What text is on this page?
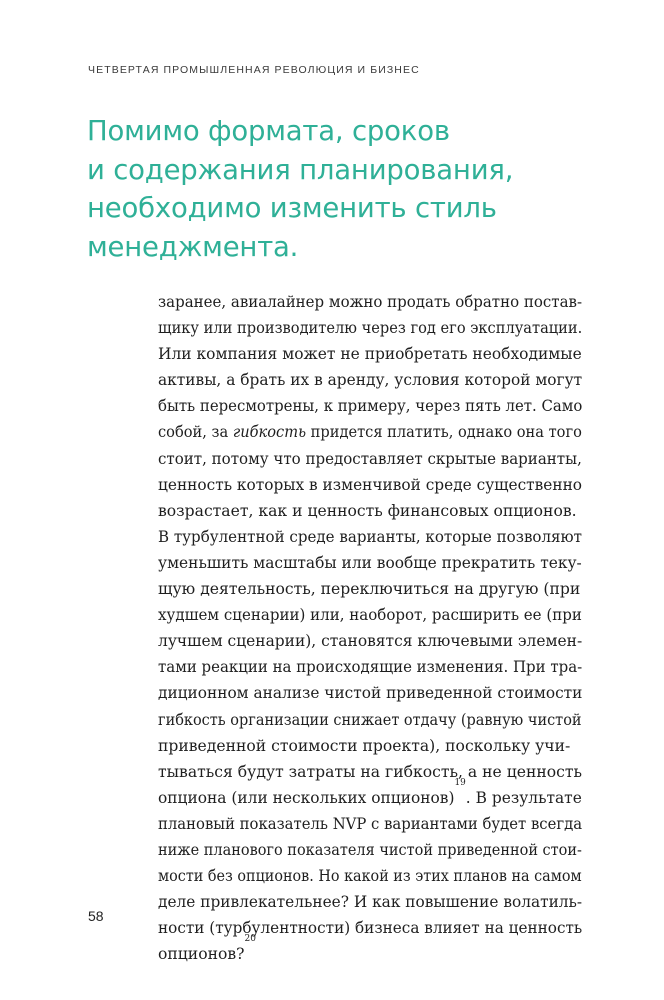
ЧЕТВЕРТАЯ ПРОМЫШЛЕННАЯ РЕВОЛЮЦИЯ И БИЗНЕС
Помимо формата, сроков
и содержания планирования,
необходимо изменить стиль
менеджмента.
заранее, авиалайнер можно продать обратно постав-
щику или производителю через год его эксплуатации.
Или компания может не приобретать необходимые
активы, а брать их в аренду, условия которой могут
быть пересмотрены, к примеру, через пять лет. Само
собой, за
гибкость
придется платить, однако она того
стоит, потому что предоставляет скрытые варианты,
ценность которых в изменчивой среде существенно
возрастает, как и ценность финансовых опционов.
В турбулентной среде варианты, которые позволяют
уменьшить масштабы или вообще прекратить теку-
щую деятельность, переключиться на другую (при
худшем сценарии) или, наоборот, расширить ее (при
лучшем сценарии), становятся ключевыми элемен-
тами реакции на происходящие изменения. При тра-
диционном анализе чистой приведенной стоимости
гибкость организации снижает отдачу (равную чистой
приведенной стоимости проекта), поскольку учи-
тываться будут затраты на гибкость, а не ценность
опциона (или нескольких опционов)
$^{19}$
. В результате
плановый показатель NVP с вариантами будет всегда
ниже планового показателя чистой приведенной стои-
мости без опционов. Но какой из этих планов на самом
деле привлекательнее? И как повышение волатиль-
ности (турбулентности) бизнеса влияет на ценность
опционов?
$^{20}$
58
